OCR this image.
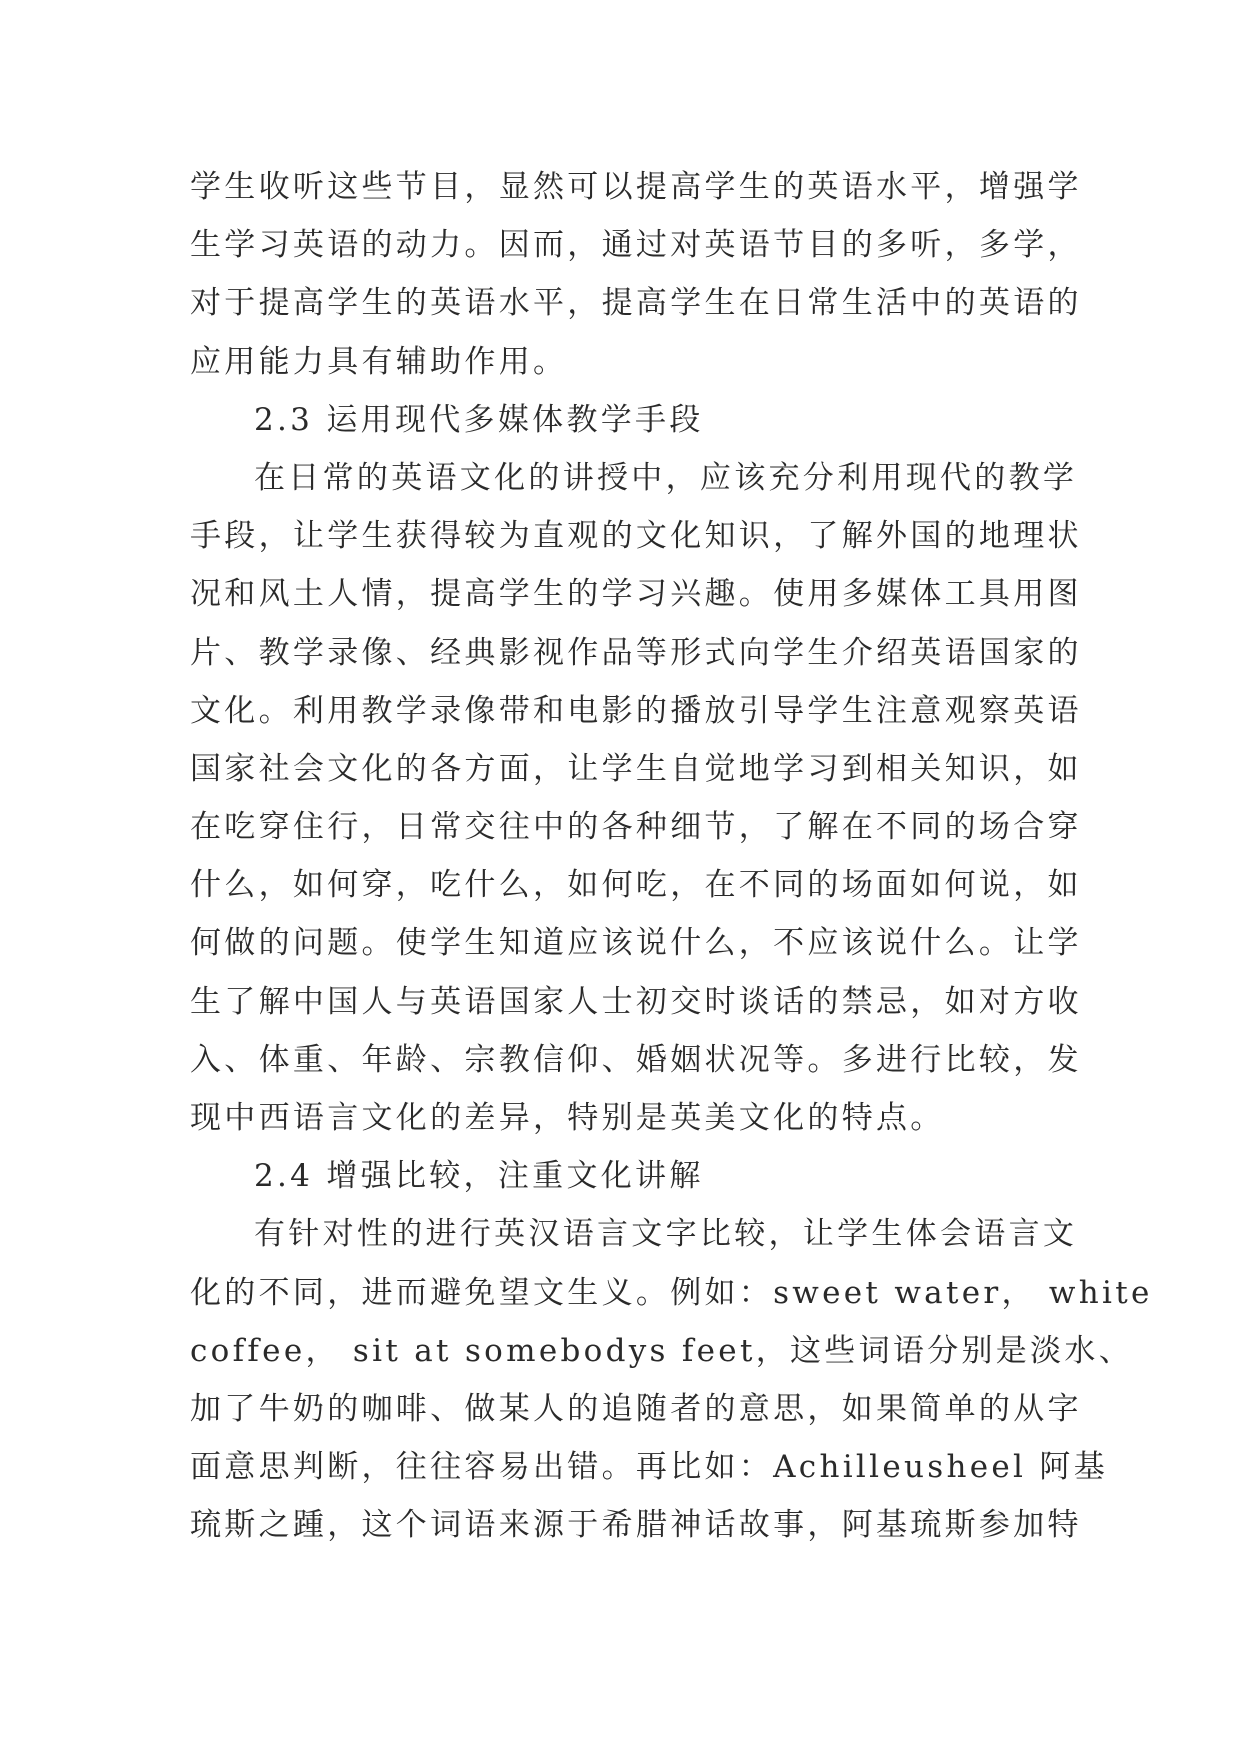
学生收听这些节目，显然可以提高学生的英语水平，增强学
生学习英语的动力。因而，通过对英语节目的多听，多学，
对于提高学生的英语水平，提高学生在日常生活中的英语的
应用能力具有辅助作用。
2.3 运用现代多媒体教学手段
在日常的英语文化的讲授中，应该充分利用现代的教学
手段，让学生获得较为直观的文化知识，了解外国的地理状
况和风土人情，提高学生的学习兴趣。使用多媒体工具用图
片、教学录像、经典影视作品等形式向学生介绍英语国家的
文化。利用教学录像带和电影的播放引导学生注意观察英语
国家社会文化的各方面，让学生自觉地学习到相关知识，如
在吃穿住行，日常交往中的各种细节，了解在不同的场合穿
什么，如何穿，吃什么，如何吃，在不同的场面如何说，如
何做的问题。使学生知道应该说什么，不应该说什么。让学
生了解中国人与英语国家人士初交时谈话的禁忌，如对方收
入、体重、年龄、宗教信仰、婚姻状况等。多进行比较，发
现中西语言文化的差异，特别是英美文化的特点。
2.4 增强比较，注重文化讲解
有针对性的进行英汉语言文字比较，让学生体会语言文
化的不同，进而避免望文生义。例如：sweet water， white
coffee， sit at somebodys feet，这些词语分别是淡水、
加了牛奶的咖啡、做某人的追随者的意思，如果简单的从字
面意思判断，往往容易出错。再比如：Achilleusheel 阿基
琉斯之踵，这个词语来源于希腊神话故事，阿基琉斯参加特
